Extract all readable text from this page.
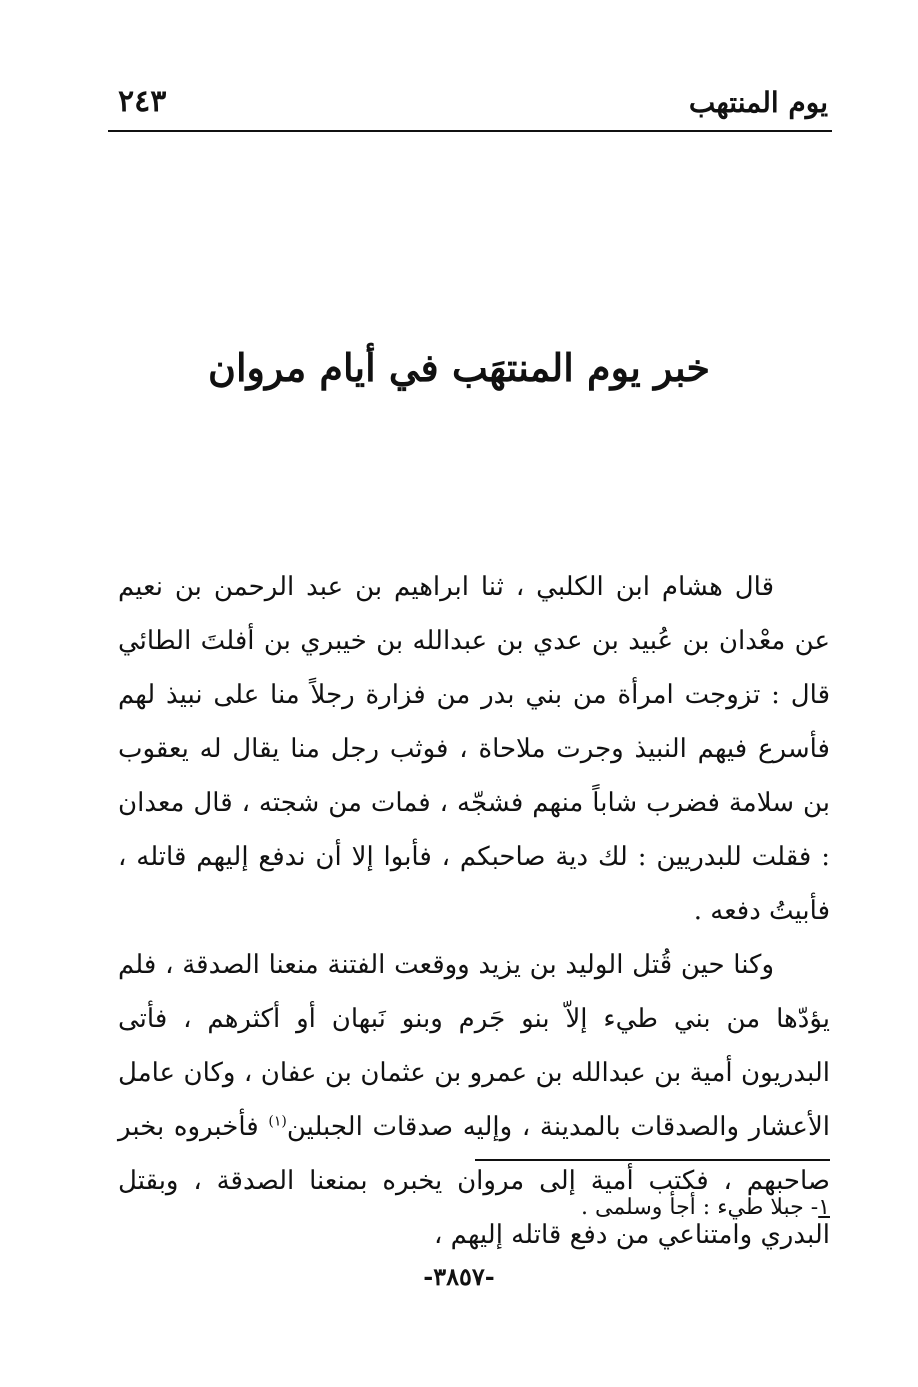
يوم المنتهب
٢٤٣
خبر يوم المنتهَب في أيام مروان

قال هشام ابن الكلبي ، ثنا ابراهيم بن عبد الرحمن بن نعيم عن معْدان بن عُبيد بن عدي بن عبدالله بن خيبري بن أفلتَ الطائي قال : تزوجت امرأة من بني بدر من فزارة رجلاً منا على نبيذ لهم فأسرع فيهم النبيذ وجرت ملاحاة ، فوثب رجل منا يقال له يعقوب بن سلامة فضرب شاباً منهم فشجّه ، فمات من شجته ، قال معدان : فقلت للبدريين : لك دية صاحبكم ، فأبوا إلا أن ندفع إليهم قاتله ، فأبيتُ دفعه .

وكنا حين قُتل الوليد بن يزيد ووقعت الفتنة منعنا الصدقة ، فلم يؤدّها من بني طيء إلاّ بنو جَرم وبنو نَبهان أو أكثرهم ، فأتى البدريون أمية بن عبدالله بن عمرو بن عثمان بن عفان ، وكان عامل الأعشار والصدقات بالمدينة ، وإليه صدقات الجبلين$^{(١)}$ فأخبروه بخبر صاحبهم ، فكتب أمية إلى مروان يخبره بمنعنا الصدقة ، وبقتل البدري وامتناعي من دفع قاتله إليهم ،

١- جبلا طيء : أجأ وسلمى .
-٣٨٥٧-
